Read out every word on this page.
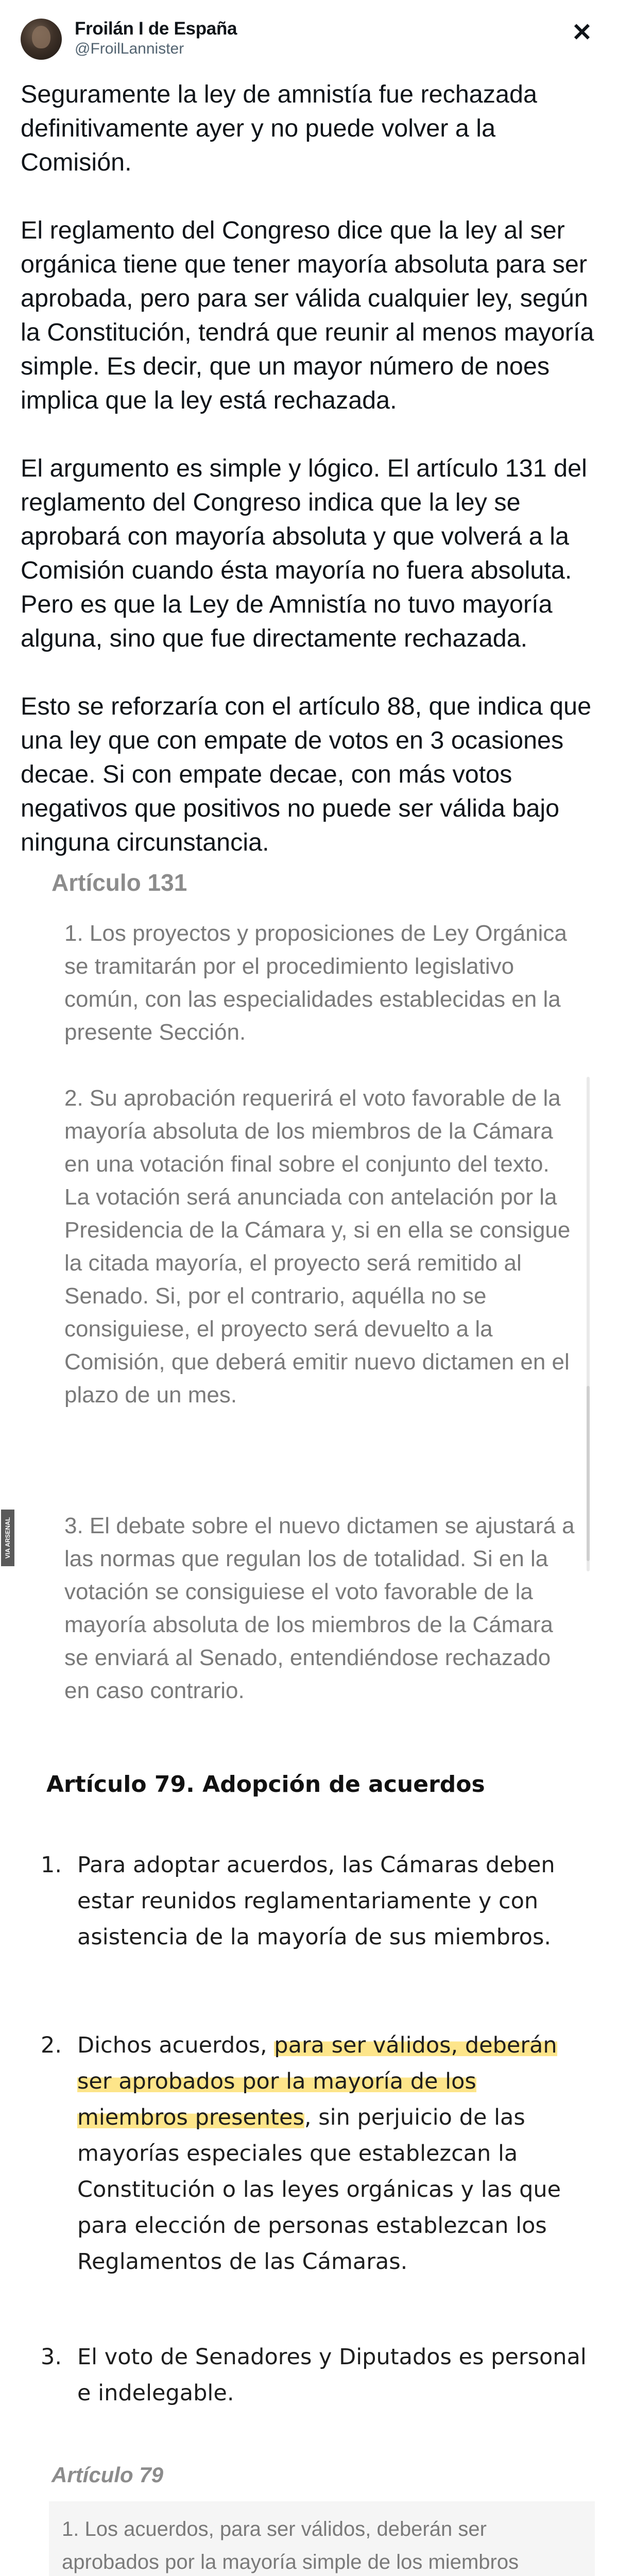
Froilán I de España
@FroilLannister
✕

Seguramente la ley de amnistía fue rechazada definitivamente ayer y no puede volver a la Comisión.

El reglamento del Congreso dice que la ley al ser orgánica tiene que tener mayoría absoluta para ser aprobada, pero para ser válida cualquier ley, según la Constitución, tendrá que reunir al menos mayoría simple. Es decir, que un mayor número de noes implica que la ley está rechazada.

El argumento es simple y lógico. El artículo 131 del reglamento del Congreso indica que la ley se aprobará con mayoría absoluta y que volverá a la Comisión cuando ésta mayoría no fuera absoluta. Pero es que la Ley de Amnistía no tuvo mayoría alguna, sino que fue directamente rechazada.

Esto se reforzaría con el artículo 88, que indica que una ley que con empate de votos en 3 ocasiones decae. Si con empate decae, con más votos negativos que positivos no puede ser válida bajo ninguna circunstancia.

VIA ARSENAL
Artículo 131
1. Los proyectos y proposiciones de Ley Orgánica se tramitarán por el procedimiento legislativo común, con las especialidades establecidas en la presente Sección.
2. Su aprobación requerirá el voto favorable de la mayoría absoluta de los miembros de la Cámara en una votación final sobre el conjunto del texto. La votación será anunciada con antelación por la Presidencia de la Cámara y, si en ella se consigue la citada mayoría, el proyecto será remitido al Senado. Si, por el contrario, aquélla no se consiguiese, el proyecto será devuelto a la Comisión, que deberá emitir nuevo dictamen en el plazo de un mes.
3. El debate sobre el nuevo dictamen se ajustará a las normas que regulan los de totalidad. Si en la votación se consiguiese el voto favorable de la mayoría absoluta de los miembros de la Cámara se enviará al Senado, entendiéndose rechazado en caso contrario.
Artículo 79. Adopción de acuerdos
1. Para adoptar acuerdos, las Cámaras deben estar reunidos reglamentariamente y con asistencia de la mayoría de sus miembros.
2. Dichos acuerdos, para ser válidos, deberán ser aprobados por la mayoría de los miembros presentes, sin perjuicio de las mayorías especiales que establezcan la Constitución o las leyes orgánicas y las que para elección de personas establezcan los Reglamentos de las Cámaras.
3. El voto de Senadores y Diputados es personal e indelegable.
Artículo 79
1. Los acuerdos, para ser válidos, deberán ser aprobados por la mayoría simple de los miembros
